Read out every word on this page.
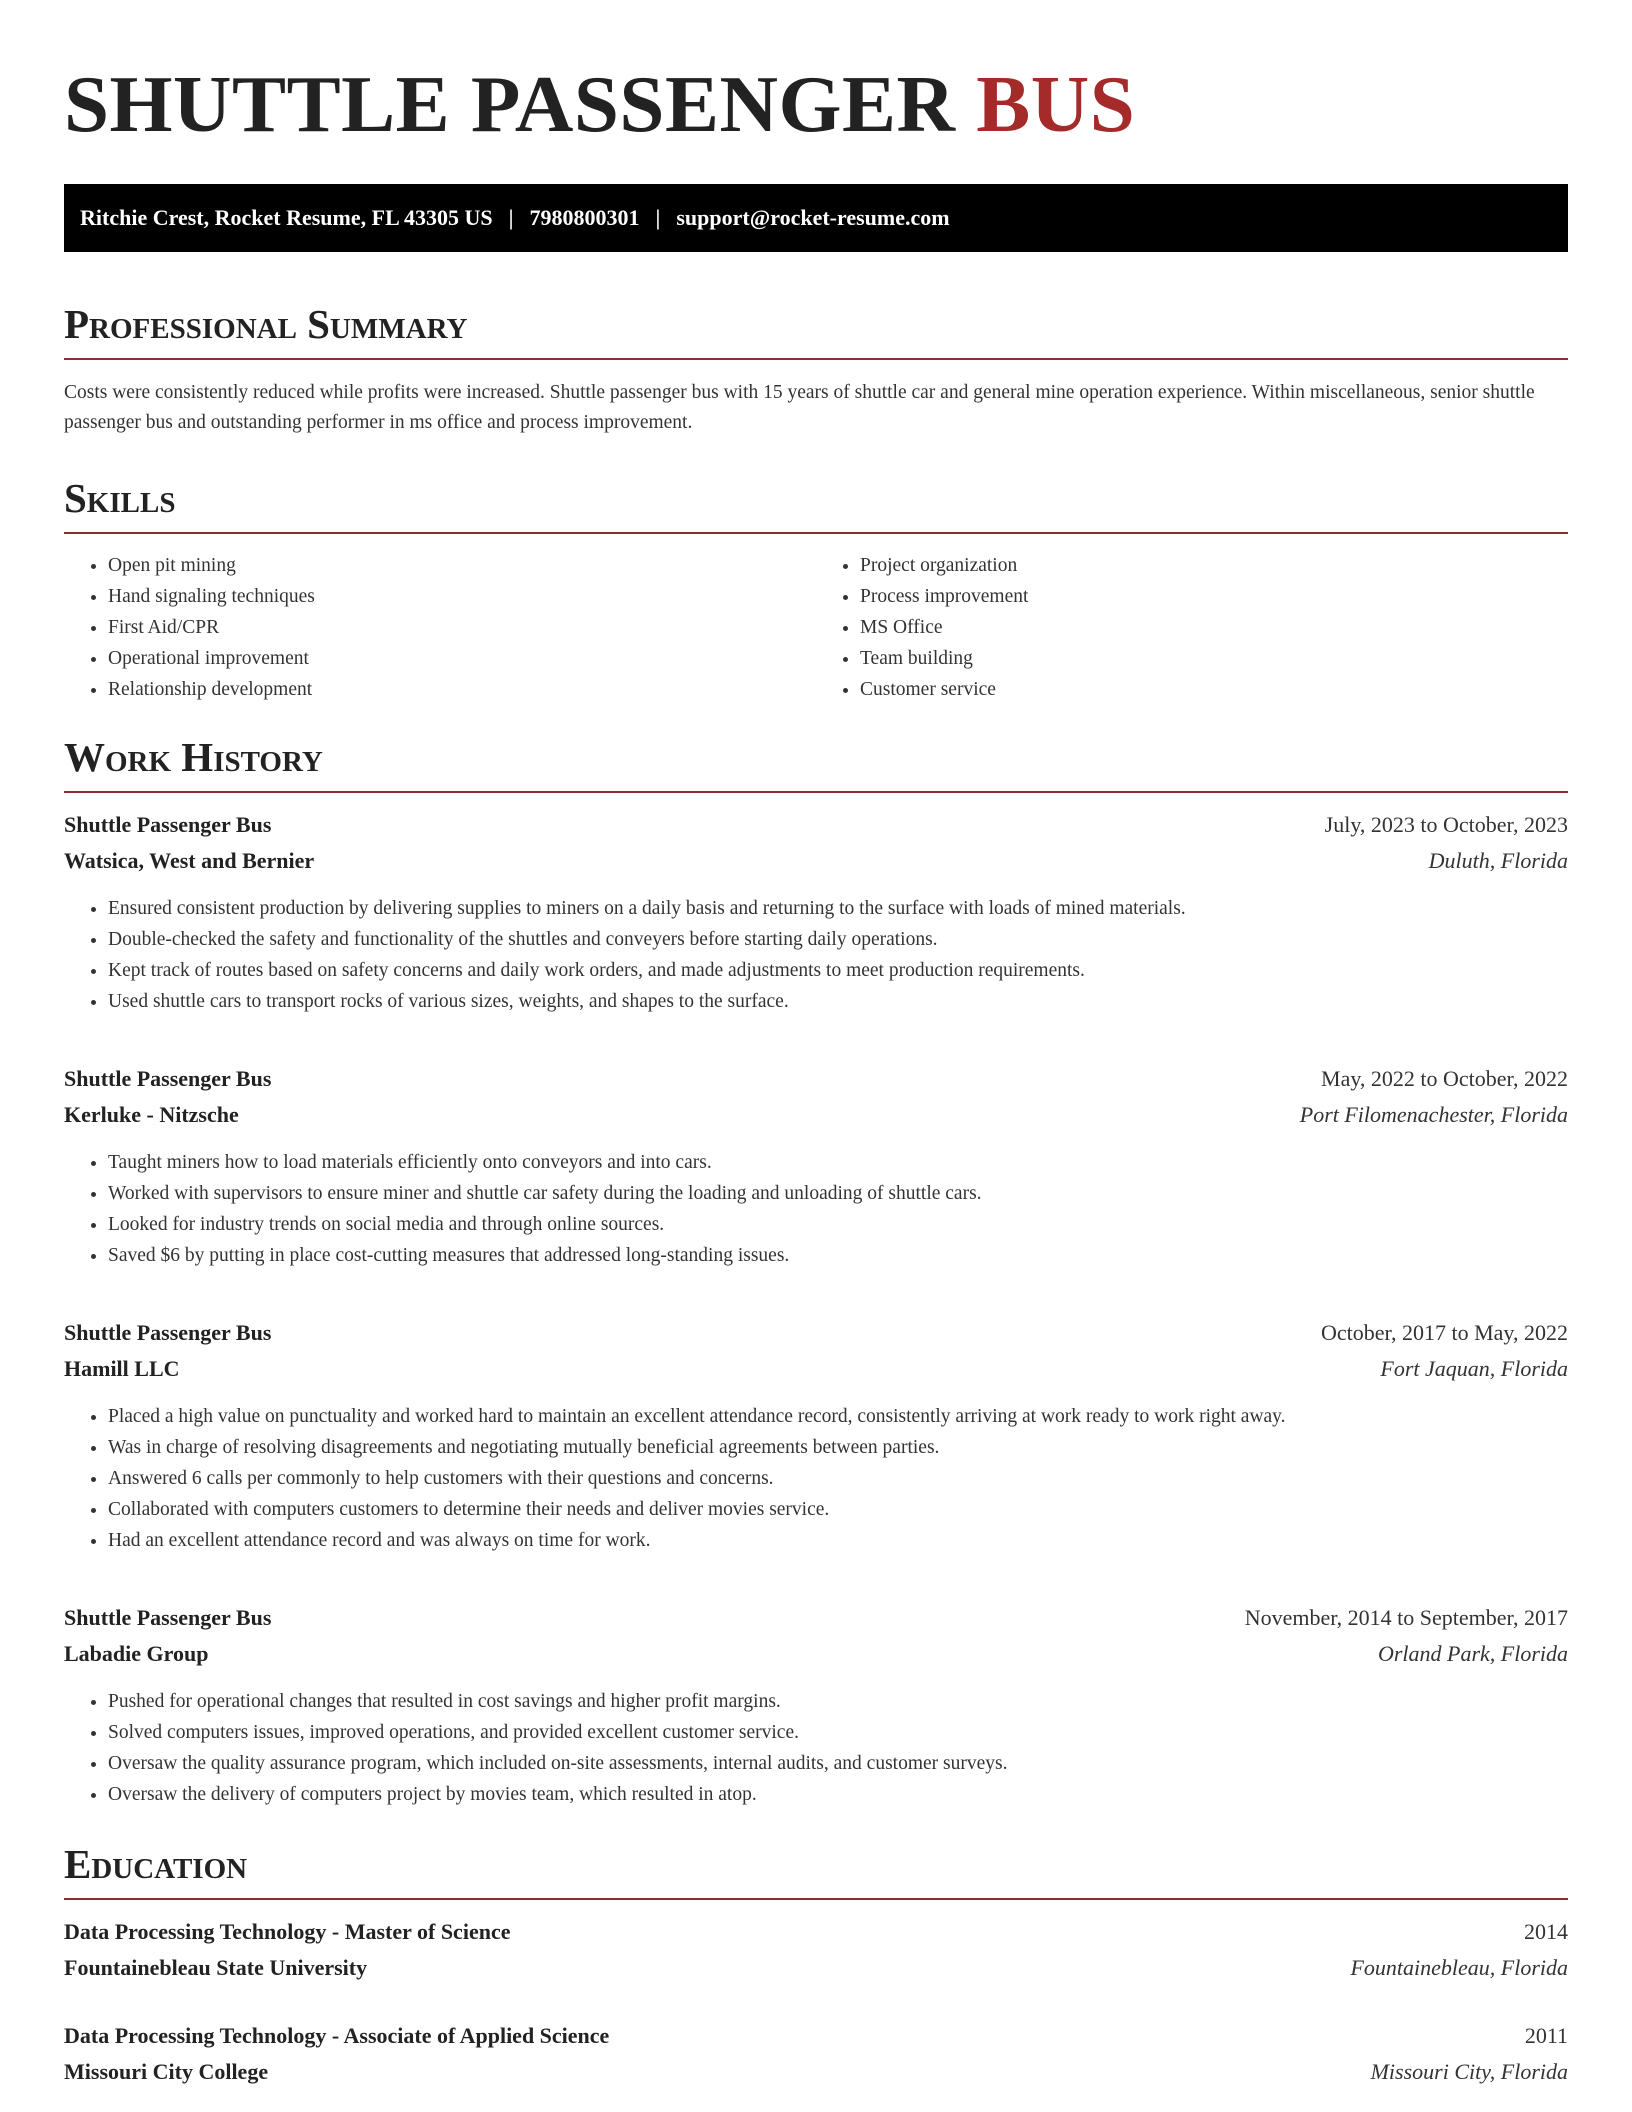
SHUTTLE PASSENGER BUS
Ritchie Crest, Rocket Resume, FL 43305 US | 7980800301 | support@rocket-resume.com
Professional Summary

Costs were consistently reduced while profits were increased. Shuttle passenger bus with 15 years of shuttle car and general mine operation experience. Within miscellaneous, senior shuttle passenger bus and outstanding performer in ms office and process improvement.

Skills
• Open pit mining
• Hand signaling techniques
• First Aid/CPR
• Operational improvement
• Relationship development
• Project organization
• Process improvement
• MS Office
• Team building
• Customer service
Work History
Shuttle Passenger Bus	July, 2023 to October, 2023
Watsica, West and Bernier	Duluth, Florida
• Ensured consistent production by delivering supplies to miners on a daily basis and returning to the surface with loads of mined materials.
• Double-checked the safety and functionality of the shuttles and conveyers before starting daily operations.
• Kept track of routes based on safety concerns and daily work orders, and made adjustments to meet production requirements.
• Used shuttle cars to transport rocks of various sizes, weights, and shapes to the surface.
Shuttle Passenger Bus	May, 2022 to October, 2022
Kerluke - Nitzsche	Port Filomenachester, Florida
• Taught miners how to load materials efficiently onto conveyors and into cars.
• Worked with supervisors to ensure miner and shuttle car safety during the loading and unloading of shuttle cars.
• Looked for industry trends on social media and through online sources.
• Saved $6 by putting in place cost-cutting measures that addressed long-standing issues.
Shuttle Passenger Bus	October, 2017 to May, 2022
Hamill LLC	Fort Jaquan, Florida
• Placed a high value on punctuality and worked hard to maintain an excellent attendance record, consistently arriving at work ready to work right away.
• Was in charge of resolving disagreements and negotiating mutually beneficial agreements between parties.
• Answered 6 calls per commonly to help customers with their questions and concerns.
• Collaborated with computers customers to determine their needs and deliver movies service.
• Had an excellent attendance record and was always on time for work.
Shuttle Passenger Bus	November, 2014 to September, 2017
Labadie Group	Orland Park, Florida
• Pushed for operational changes that resulted in cost savings and higher profit margins.
• Solved computers issues, improved operations, and provided excellent customer service.
• Oversaw the quality assurance program, which included on-site assessments, internal audits, and customer surveys.
• Oversaw the delivery of computers project by movies team, which resulted in atop.
Education
Data Processing Technology - Master of Science	2014
Fountainebleau State University	Fountainebleau, Florida
Data Processing Technology - Associate of Applied Science	2011
Missouri City College	Missouri City, Florida
